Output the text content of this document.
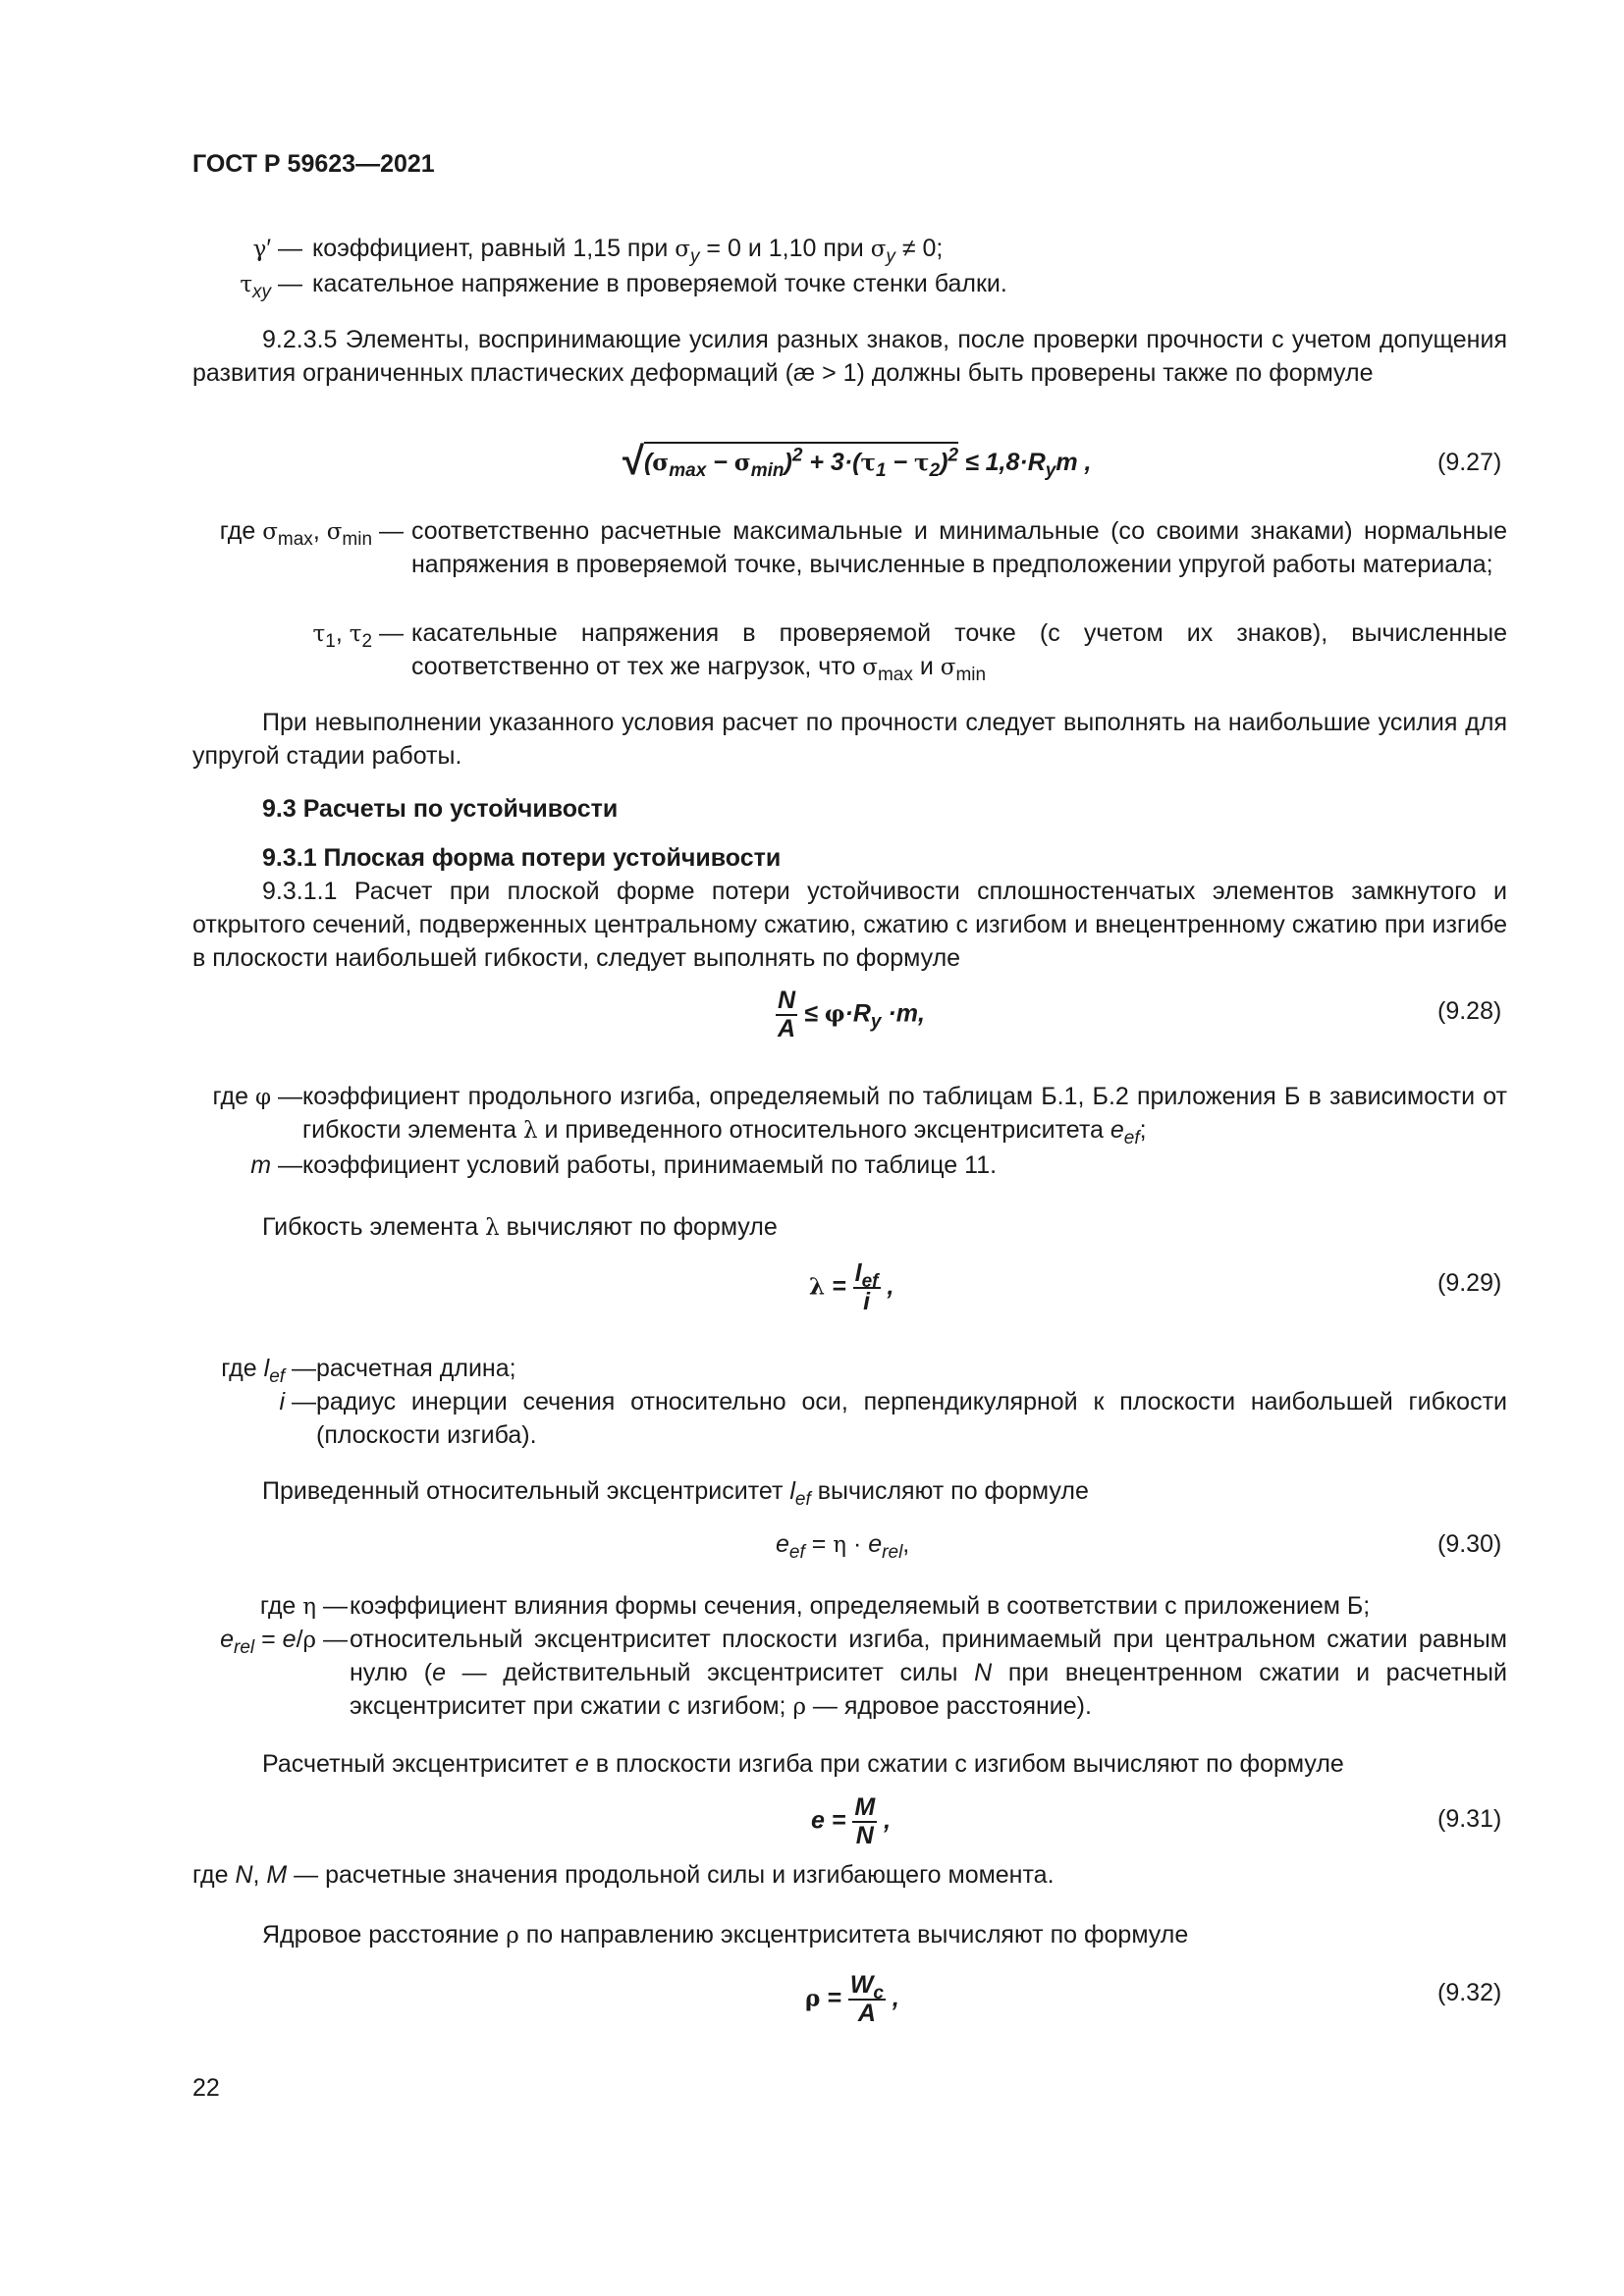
ГОСТ Р 59623—2021
γ′ — коэффициент, равный 1,15 при $\sigma_y = 0$ и 1,10 при $\sigma_y \ne 0$;
$\tau_{xy}$ — касательное напряжение в проверяемой точке стенки балки.
9.2.3.5 Элементы, воспринимающие усилия разных знаков, после проверки прочности с учетом допущения развития ограниченных пластических деформаций (æ > 1) должны быть проверены также по формуле
$√(\sigma_{max} - \sigma_{min})^2 + 3\cdot(\tau_1 - \tau_2)^2 \le 1,8\cdot R_ym$ ,	(9.27)
где $\sigma_{max}$, $\sigma_{min}$ — соответственно расчетные максимальные и минимальные (со своими знаками) нормальные напряжения в проверяемой точке, вычисленные в предположении упругой работы материала;
$\tau_1$, $\tau_2$ — касательные напряжения в проверяемой точке (с учетом их знаков), вычисленные соответственно от тех же нагрузок, что $\sigma_{max}$ и $\sigma_{min}$
При невыполнении указанного условия расчет по прочности следует выполнять на наибольшие усилия для упругой стадии работы.
9.3 Расчеты по устойчивости
9.3.1 Плоская форма потери устойчивости
9.3.1.1 Расчет при плоской форме потери устойчивости сплошностенчатых элементов замкнутого и открытого сечений, подверженных центральному сжатию, сжатию с изгибом и внецентренному сжатию при изгибе в плоскости наибольшей гибкости, следует выполнять по формуле
$\frac{N}{A} \le \varphi\cdot R_y \cdot m$,	(9.28)
где φ — коэффициент продольного изгиба, определяемый по таблицам Б.1, Б.2 приложения Б в зависимости от гибкости элемента λ и приведенного относительного эксцентриситета $e_{ef}$;
m — коэффициент условий работы, принимаемый по таблице 11.
Гибкость элемента λ вычисляют по формуле
$\lambda = \frac{l_{ef}}{i}$ ,	(9.29)
где $l_{ef}$ — расчетная длина;
i — радиус инерции сечения относительно оси, перпендикулярной к плоскости наибольшей гибкости (плоскости изгиба).
Приведенный относительный эксцентриситет $l_{ef}$ вычисляют по формуле
$e_{ef} = \eta \cdot e_{rel}$,	(9.30)
где η — коэффициент влияния формы сечения, определяемый в соответствии с приложением Б;
$e_{rel} = e/\rho$ — относительный эксцентриситет плоскости изгиба, принимаемый при центральном сжатии равным нулю (e — действительный эксцентриситет силы N при внецентренном сжатии и расчетный эксцентриситет при сжатии с изгибом; ρ — ядровое расстояние).
Расчетный эксцентриситет e в плоскости изгиба при сжатии с изгибом вычисляют по формуле
$e = \frac{M}{N}$ ,	(9.31)
где N, M — расчетные значения продольной силы и изгибающего момента.
Ядровое расстояние ρ по направлению эксцентриситета вычисляют по формуле
$\rho = \frac{W_c}{A}$ ,	(9.32)
22
